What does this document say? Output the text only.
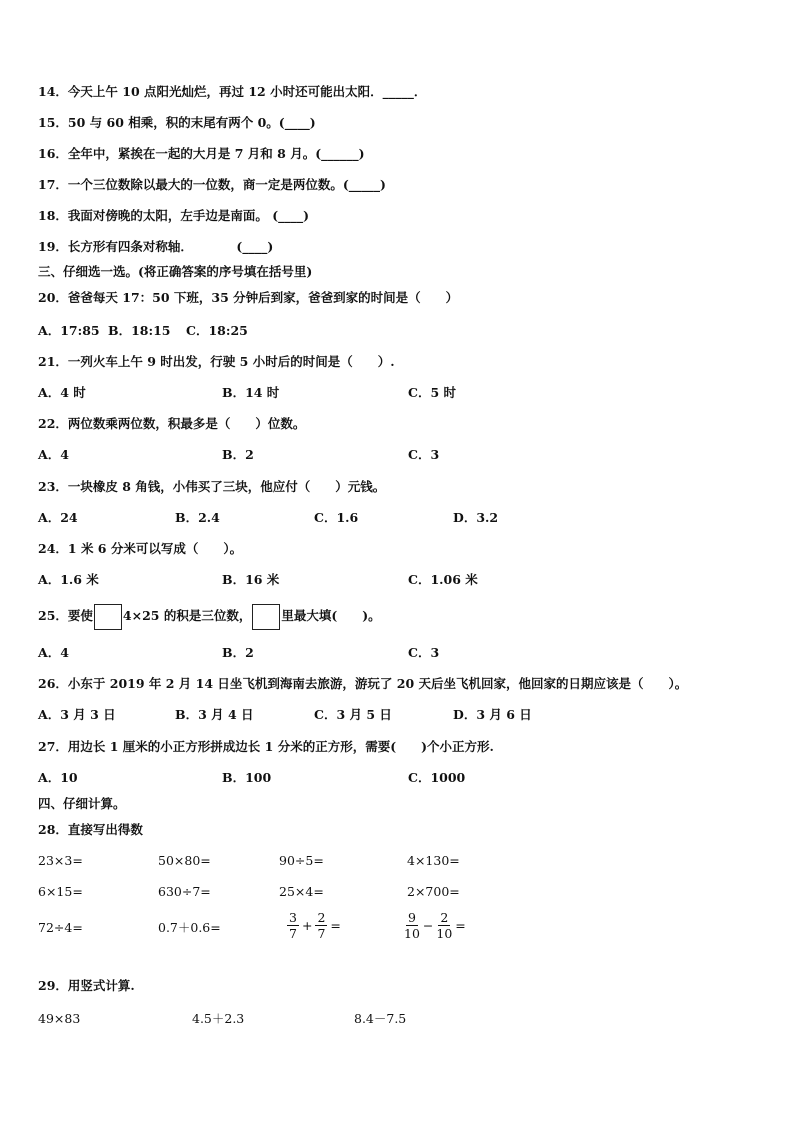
14．今天上午 10 点阳光灿烂，再过 12 小时还可能出太阳．_____．
15．50 与 60 相乘，积的末尾有两个 0。(____)
16．全年中，紧挨在一起的大月是 7 月和 8 月。(______)
17．一个三位数除以最大的一位数，商一定是两位数。(_____)
18．我面对傍晚的太阳，左手边是南面。 (____)
19．长方形有四条对称轴．          (____)
三、仔细选一选。(将正确答案的序号填在括号里)
20．爸爸每天 17：50 下班，35 分钟后到家，爸爸到家的时间是（　　）
A．17:85 B．18:15 C．18:25
21．一列火车上午 9 时出发，行驶 5 小时后的时间是（　　）.
A．4 时	B．14 时	C．5 时
22．两位数乘两位数，积最多是（　　）位数。
A．4	B．2	C．3
23．一块橡皮 8 角钱，小伟买了三块，他应付（　　）元钱。
A．24	B．2.4	C．1.6	D．3.2
24．1 米 6 分米可以写成（　　）。
A．1.6 米	B．16 米	C．1.06 米
25．要使 4×25 的积是三位数， 里最大填(　　)。
A．4	B．2	C．3
26．小东于 2019 年 2 月 14 日坐飞机到海南去旅游，游玩了 20 天后坐飞机回家，他回家的日期应该是（　　）。
A．3 月 3 日	B．3 月 4 日	C．3 月 5 日	D．3 月 6 日
27．用边长 1 厘米的小正方形拼成边长 1 分米的正方形，需要(　　)个小正方形.
A．10	B．100	C．1000
四、仔细计算。
28．直接写出得数
23×3=	50×80=	90÷5=	4×130=
6×15=	630÷7=	25×4=	2×700=
72÷4=	0.7＋0.6=	$\frac{3}{7} + \frac{2}{7}$ =	$\frac{9}{10} - \frac{2}{10}$ =
29．用竖式计算.
49×83	4.5＋2.3	8.4－7.5
